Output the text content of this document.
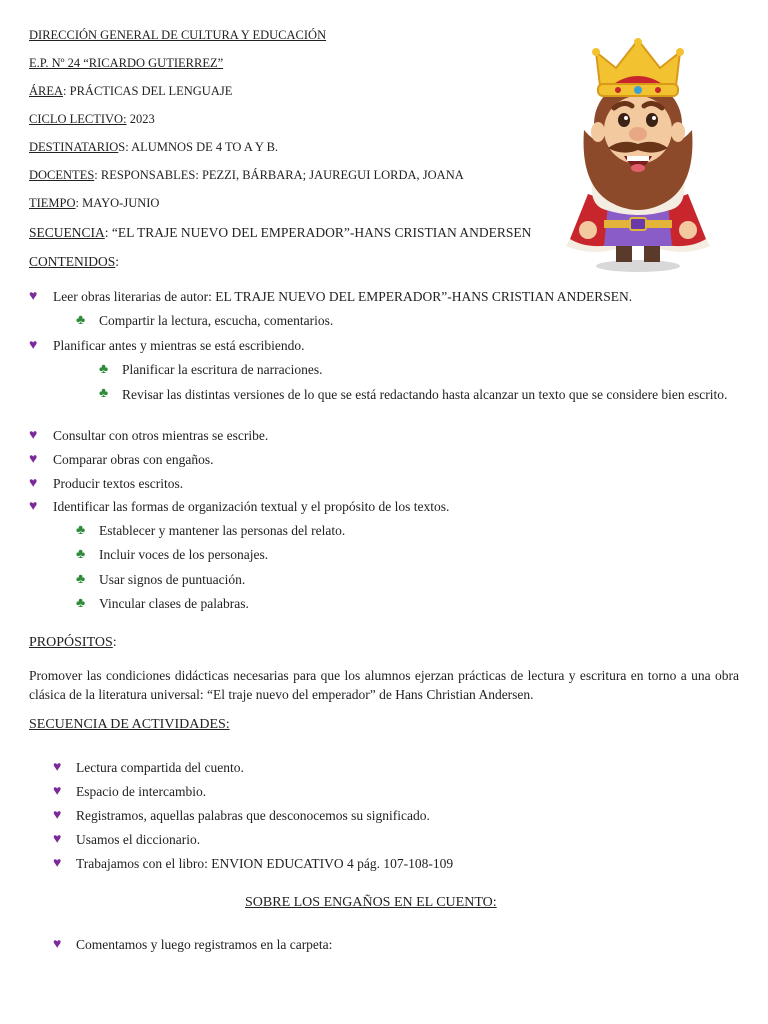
DIRECCIÓN GENERAL DE CULTURA Y EDUCACIÓN
E.P. Nº 24 “RICARDO GUTIERREZ”
ÁREA: PRÁCTICAS DEL LENGUAJE
CICLO LECTIVO: 2023
DESTINATARIOS: ALUMNOS DE 4 TO A Y B.
DOCENTES: RESPONSABLES: PEZZI, BÁRBARA; JAUREGUI LORDA, JOANA
TIEMPO: MAYO-JUNIO
SECUENCIA: “EL TRAJE NUEVO DEL EMPERADOR”-HANS CRISTIAN ANDERSEN
CONTENIDOS:
♥ Leer obras literarias de autor: EL TRAJE NUEVO DEL EMPERADOR”-HANS CRISTIAN ANDERSEN.
♣ Compartir la lectura, escucha, comentarios.
♥ Planificar antes y mientras se está escribiendo.
♣ Planificar la escritura de narraciones.
♣ Revisar las distintas versiones de lo que se está redactando hasta alcanzar un texto que se considere bien escrito.
♥ Consultar con otros mientras se escribe.
♥ Comparar obras con engaños.
♥ Producir textos escritos.
♥ Identificar las formas de organización textual y el propósito de los textos.
♣ Establecer y mantener las personas del relato.
♣ Incluir voces de los personajes.
♣ Usar signos de puntuación.
♣ Vincular clases de palabras.
PROPÓSITOS:
Promover las condiciones didácticas necesarias para que los alumnos ejerzan prácticas de lectura y escritura en torno a una obra clásica de la literatura universal: “El traje nuevo del emperador” de Hans Christian Andersen.
SECUENCIA DE ACTIVIDADES:
♥ Lectura compartida del cuento.
♥ Espacio de intercambio.
♥ Registramos, aquellas palabras que desconocemos su significado.
♥ Usamos el diccionario.
♥ Trabajamos con el libro: ENVION EDUCATIVO 4 pág. 107-108-109
SOBRE LOS ENGAÑOS EN EL CUENTO:
♥ Comentamos y luego registramos en la carpeta:
